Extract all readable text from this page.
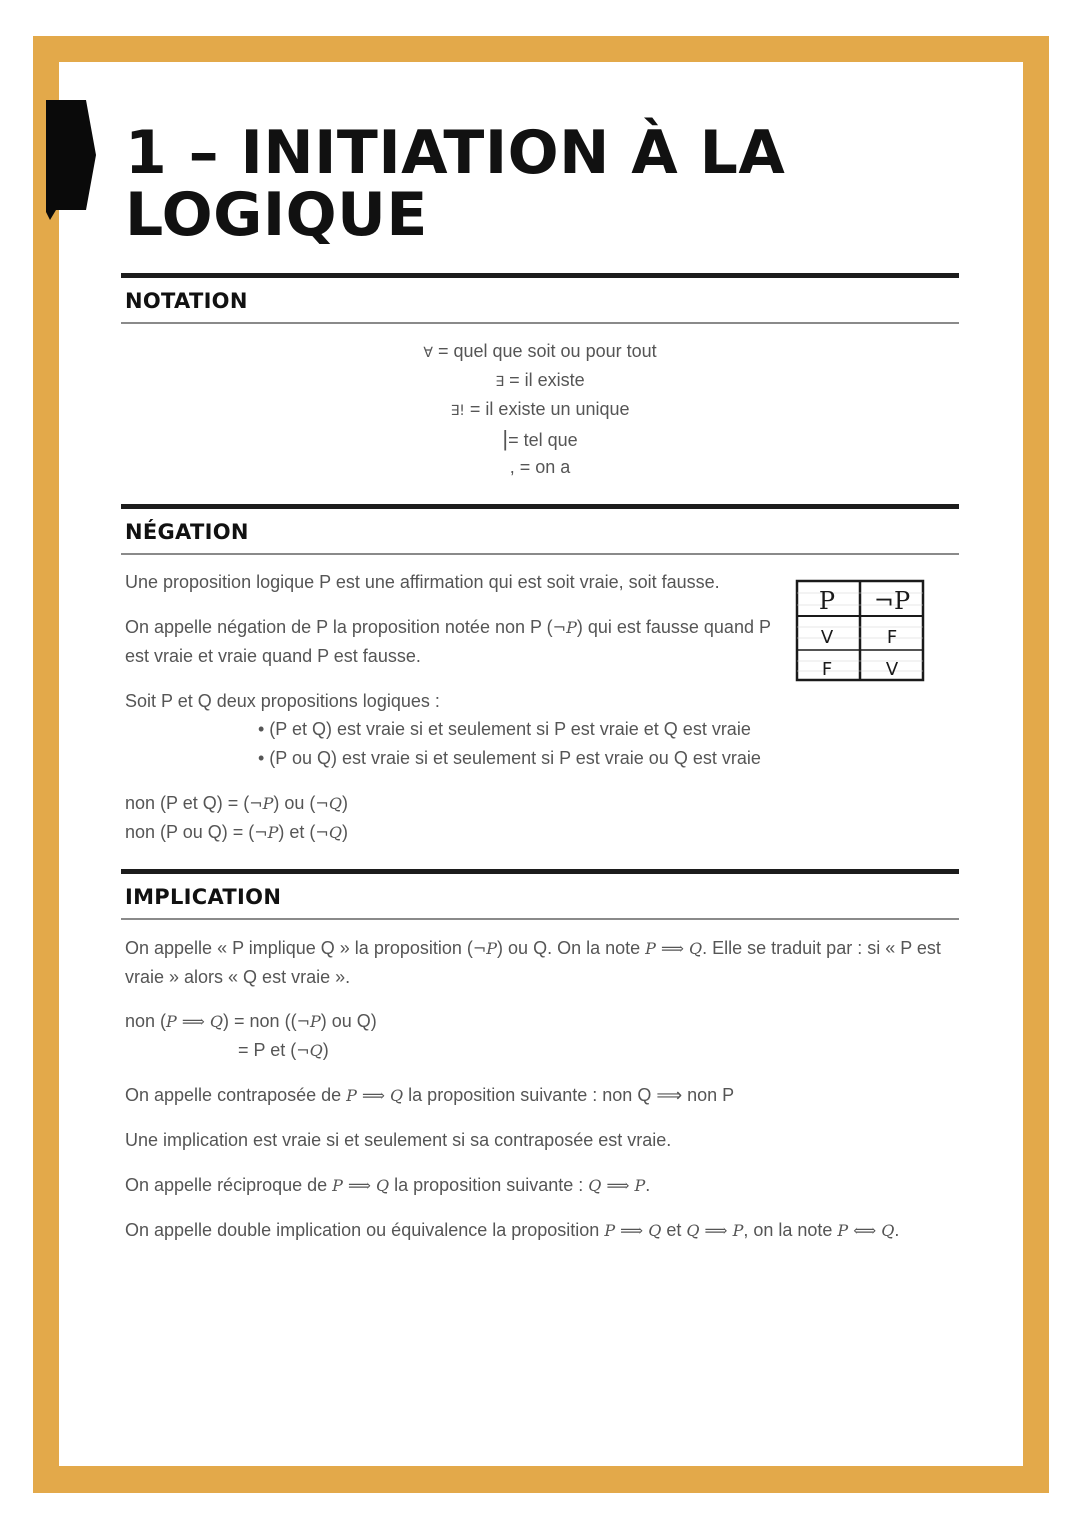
1 – INITIATION À LA LOGIQUE
NOTATION
∀ = quel que soit ou pour tout
∃ = il existe
∃! = il existe un unique
|= tel que
, = on a
NÉGATION
Une proposition logique P est une affirmation qui est soit vraie, soit fausse.
On appelle négation de P la proposition notée non P (¬P) qui est fausse quand P
est vraie et vraie quand P est fausse.
Soit P et Q deux propositions logiques :
• (P et Q) est vraie si et seulement si P est vraie et Q est vraie
• (P ou Q) est vraie si et seulement si P est vraie ou Q est vraie
non (P et Q) = (¬P) ou (¬Q)
non (P ou Q) = (¬P) et (¬Q)
P ¬P
V	F
F	V
IMPLICATION
On appelle « P implique Q » la proposition (¬P) ou Q. On la note P ⟹ Q. Elle se traduit par : si « P est
vraie » alors « Q est vraie ».
non (P ⟹ Q) = non ((¬P) ou Q)
= P et (¬Q)
On appelle contraposée de P ⟹ Q la proposition suivante : non Q ⟹ non P
Une implication est vraie si et seulement si sa contraposée est vraie.
On appelle réciproque de P ⟹ Q la proposition suivante : Q ⟹ P.
On appelle double implication ou équivalence la proposition P ⟹ Q et Q ⟹ P, on la note P ⟺ Q.
